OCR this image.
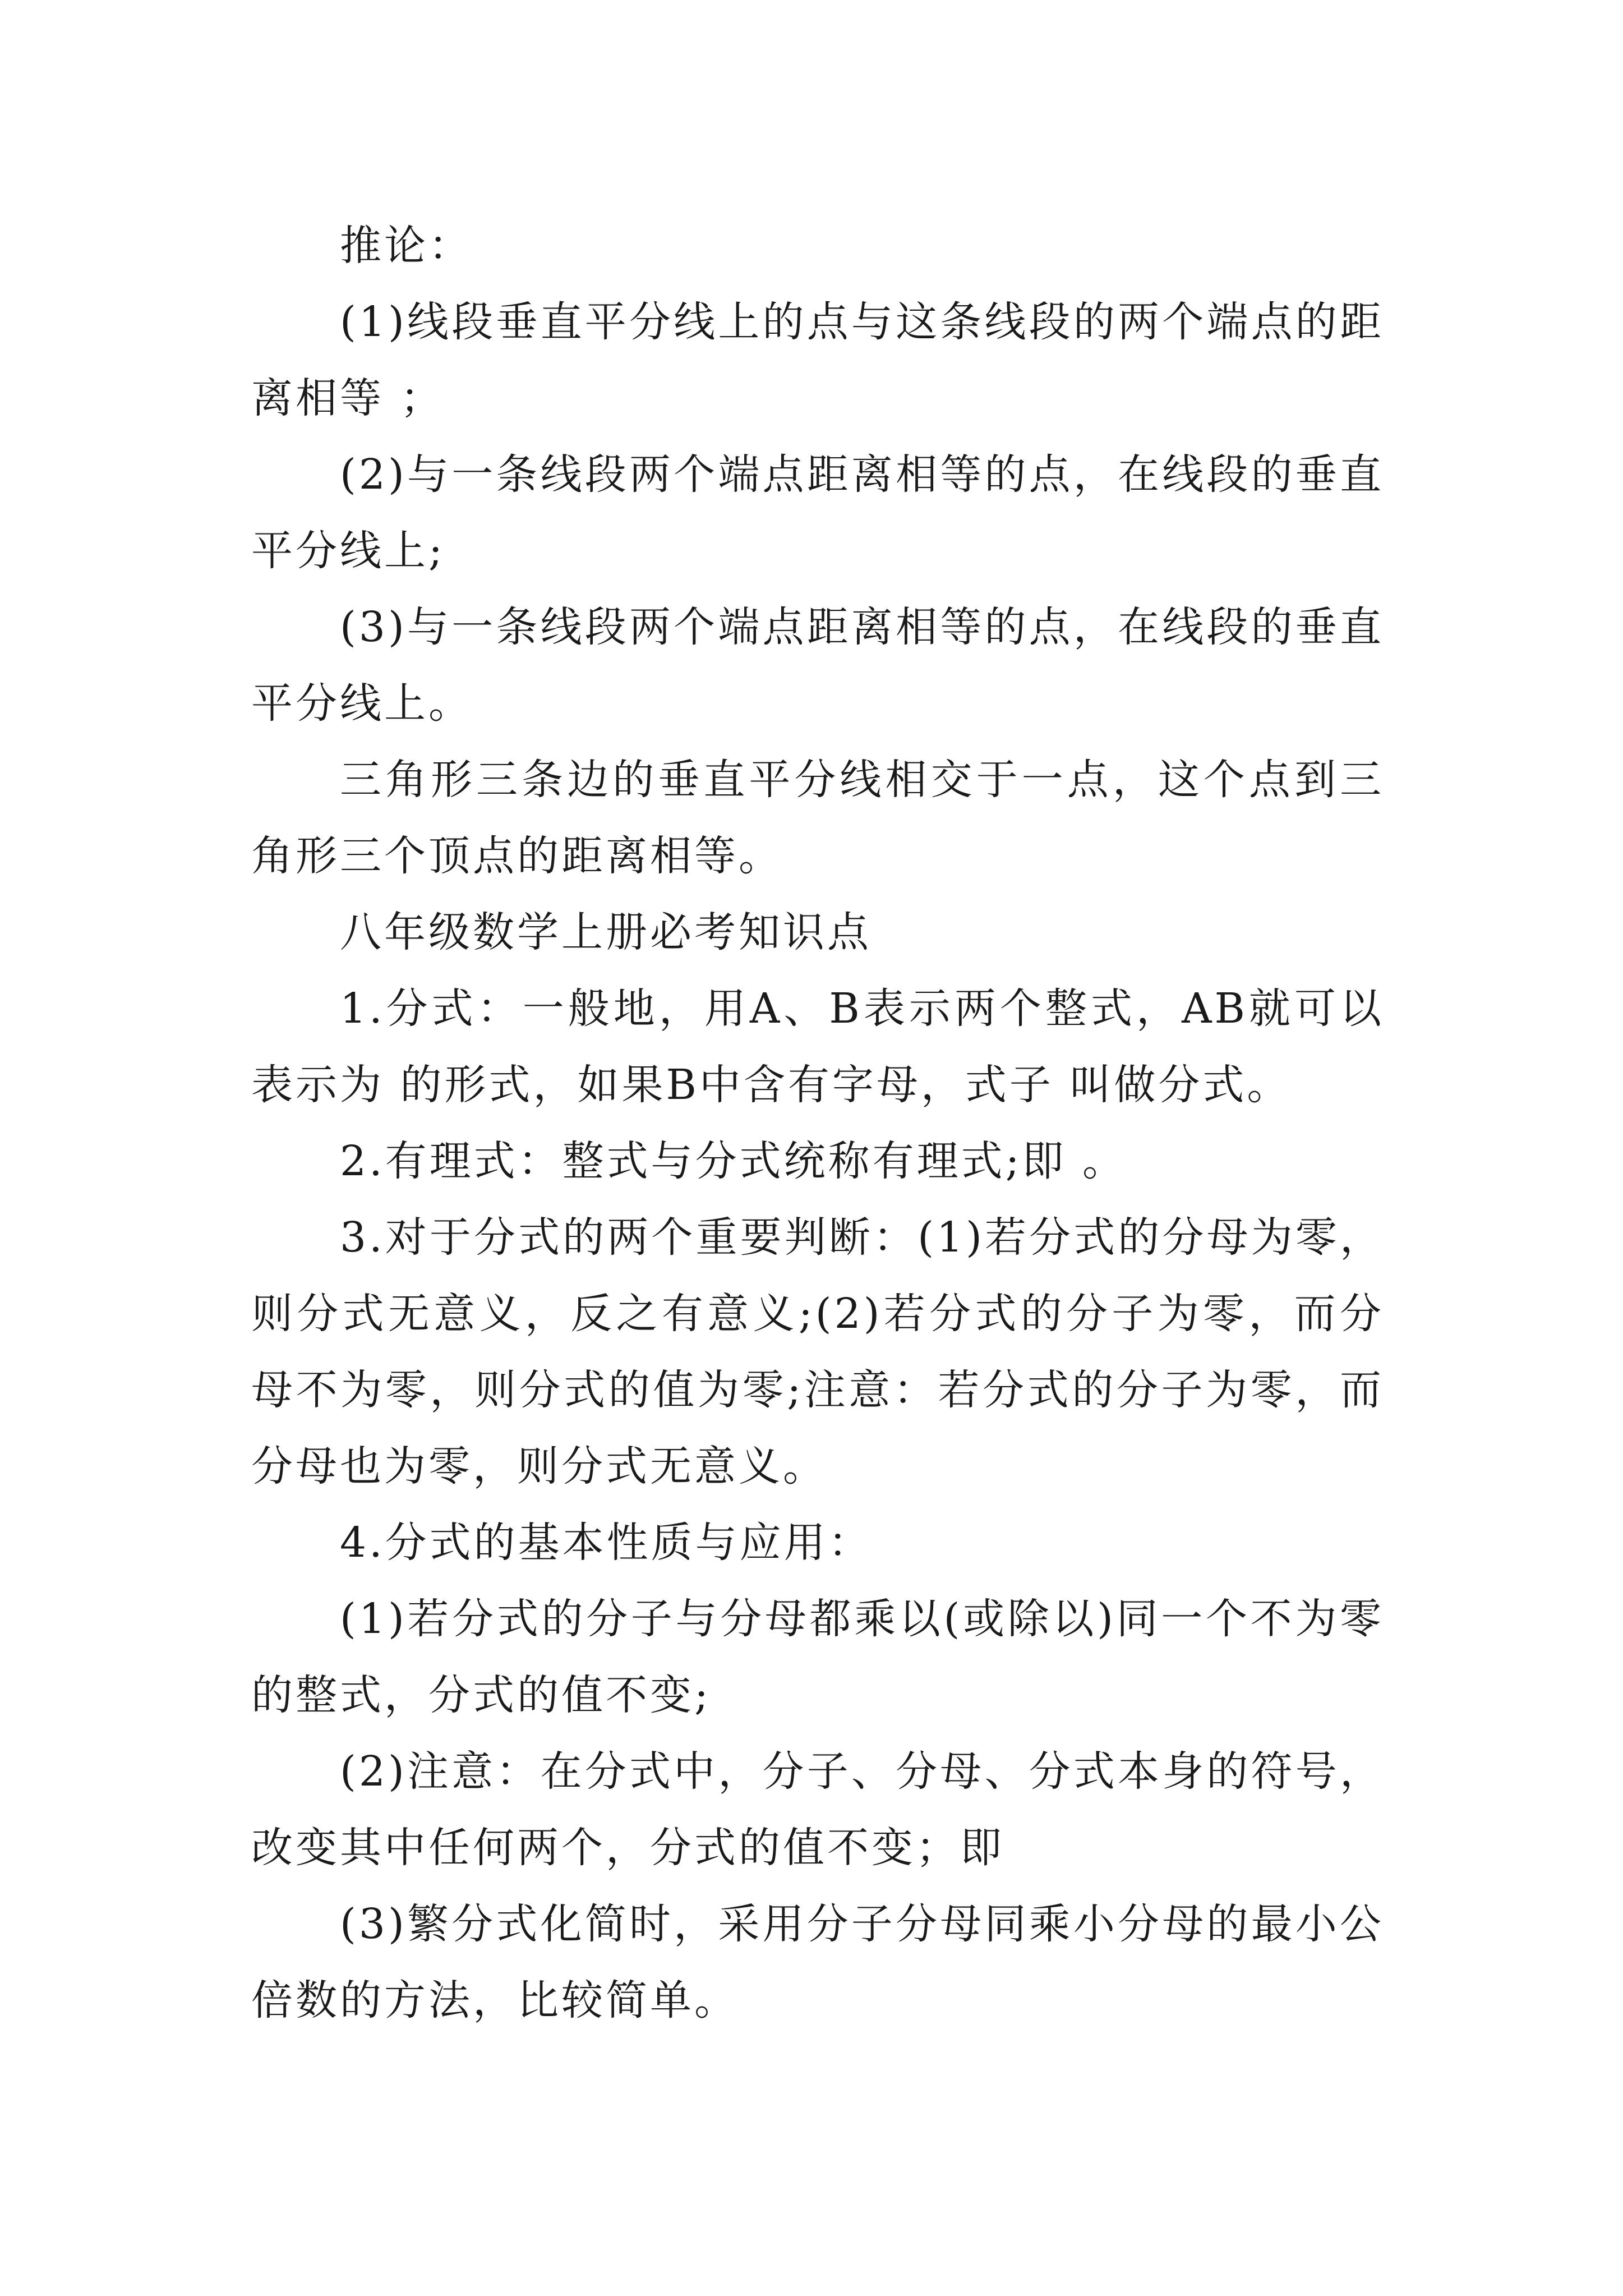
推论：

(1)线段垂直平分线上的点与这条线段的两个端点的距离相等 ；

(2)与一条线段两个端点距离相等的点，在线段的垂直平分线上;

(3)与一条线段两个端点距离相等的点，在线段的垂直平分线上。

三角形三条边的垂直平分线相交于一点，这个点到三角形三个顶点的距离相等。

八年级数学上册必考知识点

1.分式：一般地，用A、B表示两个整式，AB就可以表示为 的形式，如果B中含有字母，式子 叫做分式。

2.有理式：整式与分式统称有理式;即 。

3.对于分式的两个重要判断：(1)若分式的分母为零，则分式无意义，反之有意义;(2)若分式的分子为零，而分母不为零，则分式的值为零;注意：若分式的分子为零，而分母也为零，则分式无意义。

4.分式的基本性质与应用：

(1)若分式的分子与分母都乘以(或除以)同一个不为零的整式，分式的值不变;

(2)注意：在分式中，分子、分母、分式本身的符号，改变其中任何两个，分式的值不变；即

(3)繁分式化简时，采用分子分母同乘小分母的最小公倍数的方法，比较简单。
